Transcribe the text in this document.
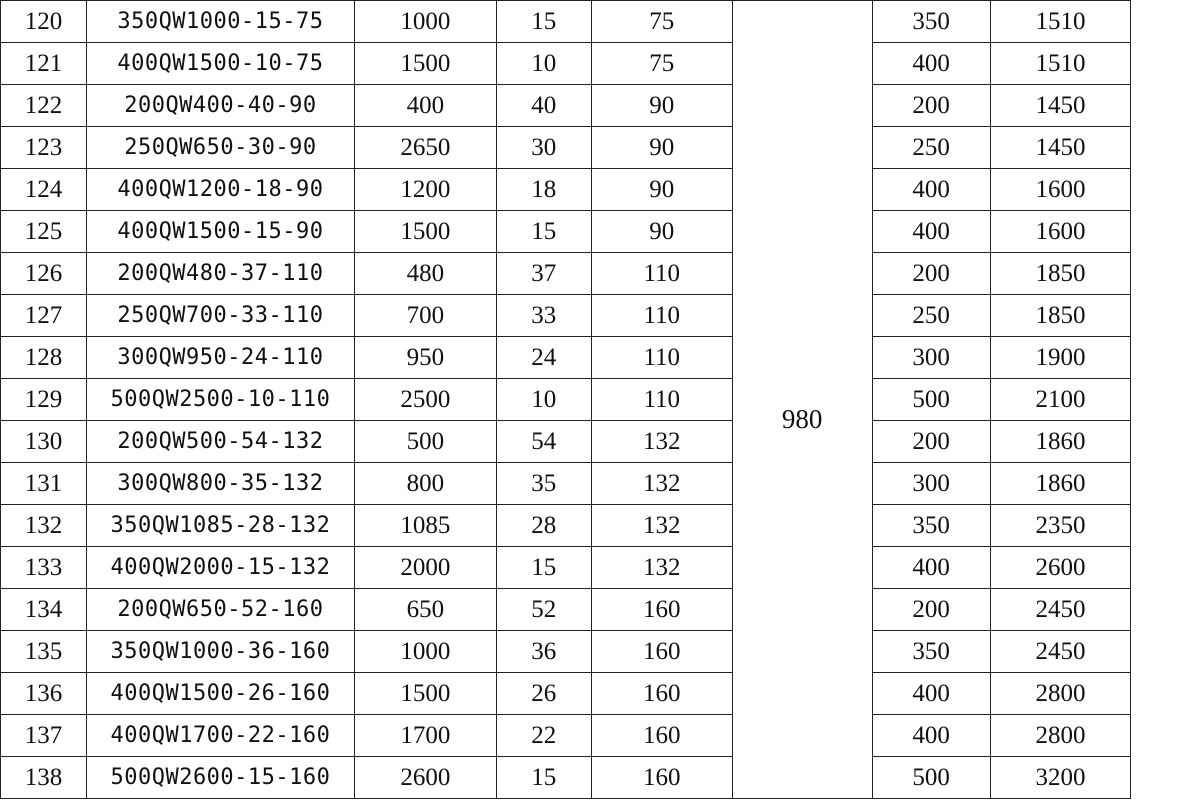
120	350QW1000-15-75	1000	15	75	980	350	1510	
121	400QW1500-10-75	1500	10	75		400	1510	
122	200QW400-40-90	400	40	90		200	1450	
123	250QW650-30-90	2650	30	90		250	1450	
124	400QW1200-18-90	1200	18	90		400	1600	
125	400QW1500-15-90	1500	15	90		400	1600	
126	200QW480-37-110	480	37	110		200	1850	
127	250QW700-33-110	700	33	110		250	1850	
128	300QW950-24-110	950	24	110		300	1900	
129	500QW2500-10-110	2500	10	110		500	2100	
130	200QW500-54-132	500	54	132		200	1860	
131	300QW800-35-132	800	35	132		300	1860	
132	350QW1085-28-132	1085	28	132		350	2350	
133	400QW2000-15-132	2000	15	132		400	2600	
134	200QW650-52-160	650	52	160		200	2450	
135	350QW1000-36-160	1000	36	160		350	2450	
136	400QW1500-26-160	1500	26	160		400	2800	
137	400QW1700-22-160	1700	22	160		400	2800	
138	500QW2600-15-160	2600	15	160		500	3200	
